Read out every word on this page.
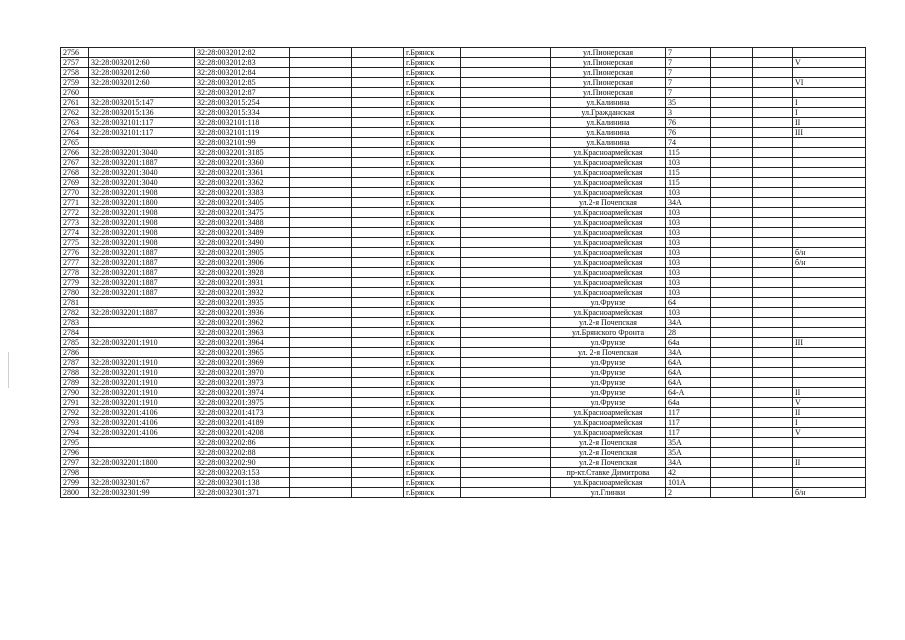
2756		32:28:0032012:82			г.Брянск		ул.Пионерская	7			
2757	32:28:0032012:60	32:28:0032012:83			г.Брянск		ул.Пионерская	7			V
2758	32:28:0032012:60	32:28:0032012:84			г.Брянск		ул.Пионерская	7			
2759	32:28:0032012:60	32:28:0032012:85			г.Брянск		ул.Пионерская	7			VI
2760		32:28:0032012:87			г.Брянск		ул.Пионерская	7			
2761	32:28:0032015:147	32:28:0032015:254			г.Брянск		ул.Калинина	35			I
2762	32:28:0032015:136	32:28:0032015:334			г.Брянск		ул.Гражданская	3			I
2763	32:28:0032101:117	32:28:0032101:118			г.Брянск		ул.Калинина	76			II
2764	32:28:0032101:117	32:28:0032101:119			г.Брянск		ул.Калинина	76			III
2765		32:28:0032101:99			г.Брянск		ул.Калинина	74			
2766	32:28:0032201:3040	32:28:0032201:3185			г.Брянск		ул.Красноармейская	115			
2767	32:28:0032201:1887	32:28:0032201:3360			г.Брянск		ул.Красноармейская	103			
2768	32:28:0032201:3040	32:28:0032201:3361			г.Брянск		ул.Красноармейская	115			
2769	32:28:0032201:3040	32:28:0032201:3362			г.Брянск		ул.Красноармейская	115			
2770	32:28:0032201:1908	32:28:0032201:3383			г.Брянск		ул.Красноармейская	103			
2771	32:28:0032201:1800	32:28:0032201:3405			г.Брянск		ул.2-я Почепская	34А			
2772	32:28:0032201:1908	32:28:0032201:3475			г.Брянск		ул.Красноармейская	103			
2773	32:28:0032201:1908	32:28:0032201:3488			г.Брянск		ул.Красноармейская	103			
2774	32:28:0032201:1908	32:28:0032201:3489			г.Брянск		ул.Красноармейская	103			
2775	32:28:0032201:1908	32:28:0032201:3490			г.Брянск		ул.Красноармейская	103			
2776	32:28:0032201:1887	32:28:0032201:3905			г.Брянск		ул.Красноармейская	103			б/н
2777	32:28:0032201:1887	32:28:0032201:3906			г.Брянск		ул.Красноармейская	103			б/н
2778	32:28:0032201:1887	32:28:0032201:3928			г.Брянск		ул.Красноармейская	103			
2779	32:28:0032201:1887	32:28:0032201:3931			г.Брянск		ул.Красноармейская	103			
2780	32:28:0032201:1887	32:28:0032201:3932			г.Брянск		ул.Красноармейская	103			
2781		32:28:0032201:3935			г.Брянск		ул.Фрунзе	64			
2782	32:28:0032201:1887	32:28:0032201:3936			г.Брянск		ул.Красноармейская	103			
2783		32:28:0032201:3962			г.Брянск		ул.2-я Почепская	34А			
2784		32:28:0032201:3963			г.Брянск		ул.Брянского Фронта	28			
2785	32:28:0032201:1910	32:28:0032201:3964			г.Брянск		ул.Фрунзе	64а			III
2786		32:28:0032201:3965			г.Брянск		ул. 2-я Почепская	34А			
2787	32:28:0032201:1910	32:28:0032201:3969			г.Брянск		ул.Фрунзе	64А			
2788	32:28:0032201:1910	32:28:0032201:3970			г.Брянск		ул.Фрунзе	64А			
2789	32:28:0032201:1910	32:28:0032201:3973			г.Брянск		ул.Фрунзе	64А			
2790	32:28:0032201:1910	32:28:0032201:3974			г.Брянск		ул.Фрунзе	64-А			II
2791	32:28:0032201:1910	32:28:0032201:3975			г.Брянск		ул.Фрунзе	64а			V
2792	32:28:0032201:4106	32:28:0032201:4173			г.Брянск		ул.Красноармейская	117			II
2793	32:28:0032201:4106	32:28:0032201:4189			г.Брянск		ул.Красноармейская	117			I
2794	32:28:0032201:4106	32:28:0032201:4208			г.Брянск		ул.Красноармейская	117			V
2795		32:28:0032202:86			г.Брянск		ул.2-я Почепская	35А			
2796		32:28:0032202:88			г.Брянск		ул.2-я Почепская	35А			
2797	32:28:0032201:1800	32:28:0032202:90			г.Брянск		ул.2-я Почепская	34А			II
2798		32:28:0032203:153			г.Брянск		пр-кт.Ставке Димитрова	42			
2799	32:28:0032301:67	32:28:0032301:138			г.Брянск		ул.Красноармейская	101А			
2800	32:28:0032301:99	32:28:0032301:371			г.Брянск		ул.Глинки	2			б/н
